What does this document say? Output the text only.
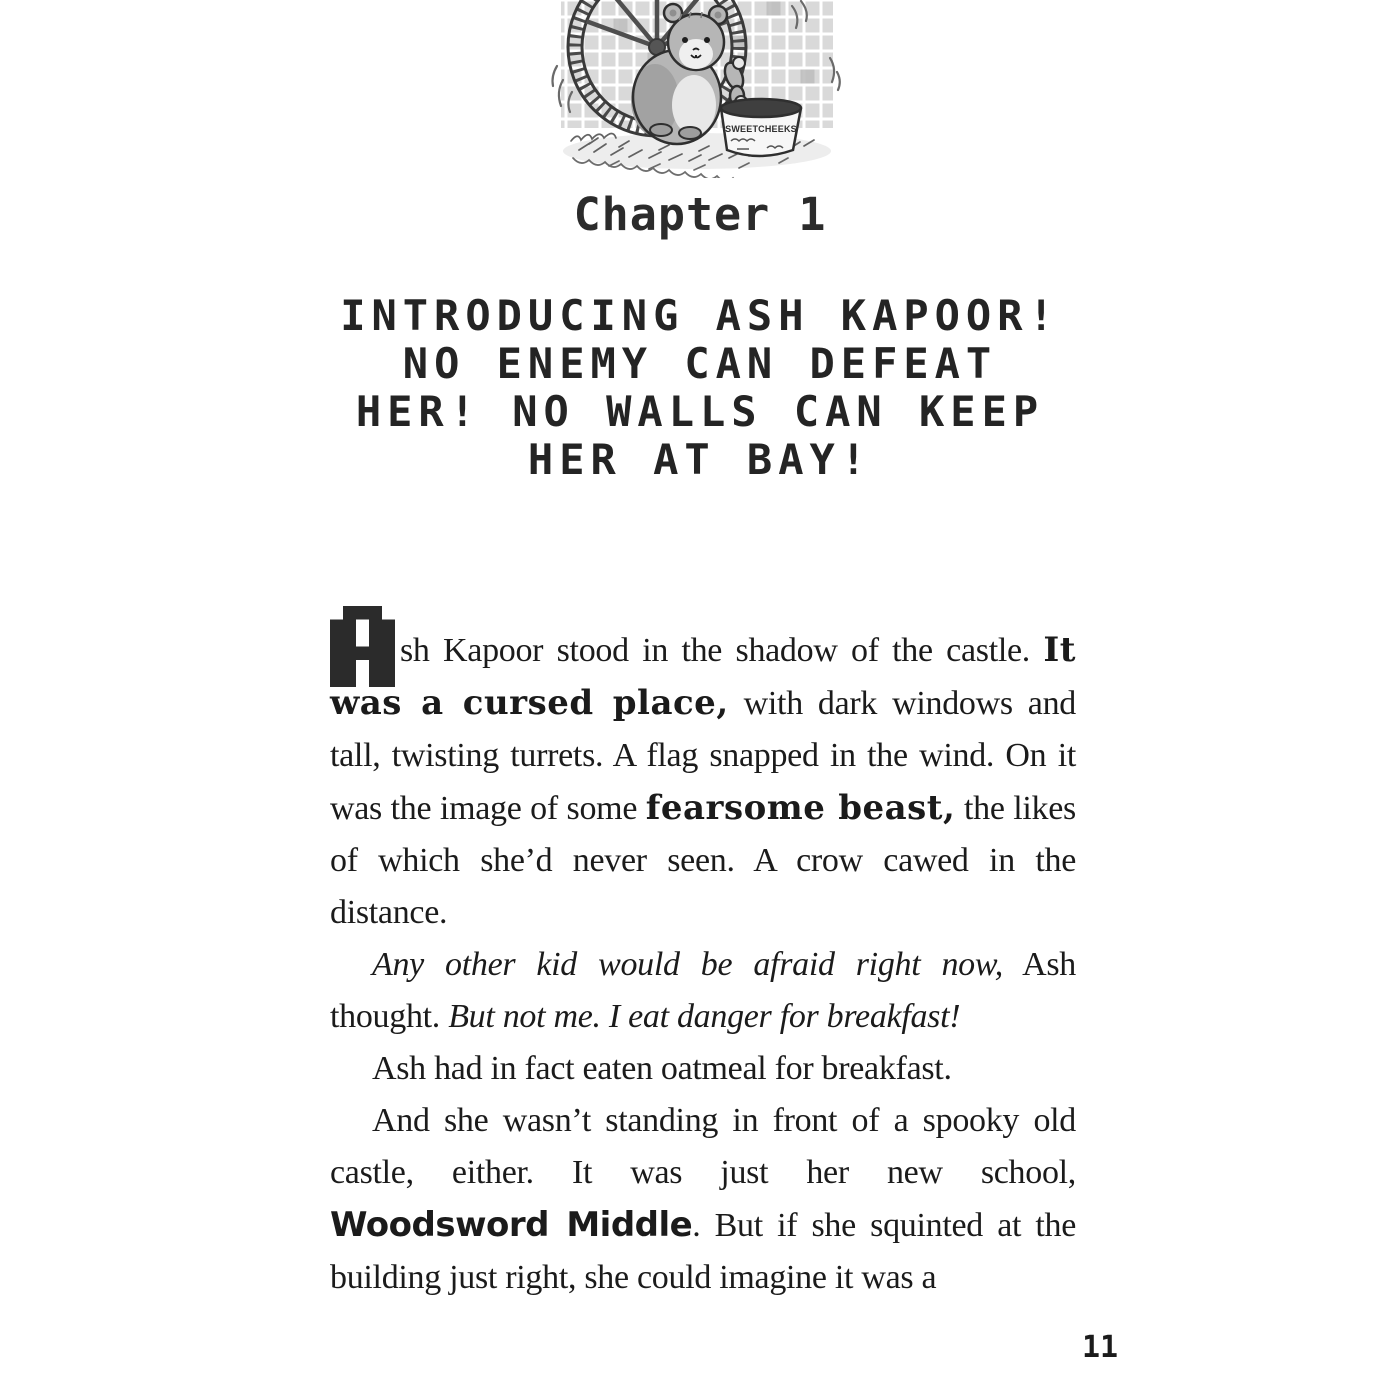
SWEETCHEEKS
Chapter 1
INTRODUCING ASH KAPOOR!
NO ENEMY CAN DEFEAT
HER! NO WALLS CAN KEEP
HER AT BAY!

sh Kapoor stood in the shadow of the castle. It was a cursed place, with dark windows and tall, twisting turrets. A flag snapped in the wind. On it was the image of some fearsome beast, the likes of which she’d never seen. A crow cawed in the distance.

Any other kid would be afraid right now, Ash thought. But not me. I eat danger for breakfast!

Ash had in fact eaten oatmeal for breakfast.

And she wasn’t standing in front of a spooky old castle, either. It was just her new school, Woodsword Middle. But if she squinted at the building just right, she could imagine it was a

11
